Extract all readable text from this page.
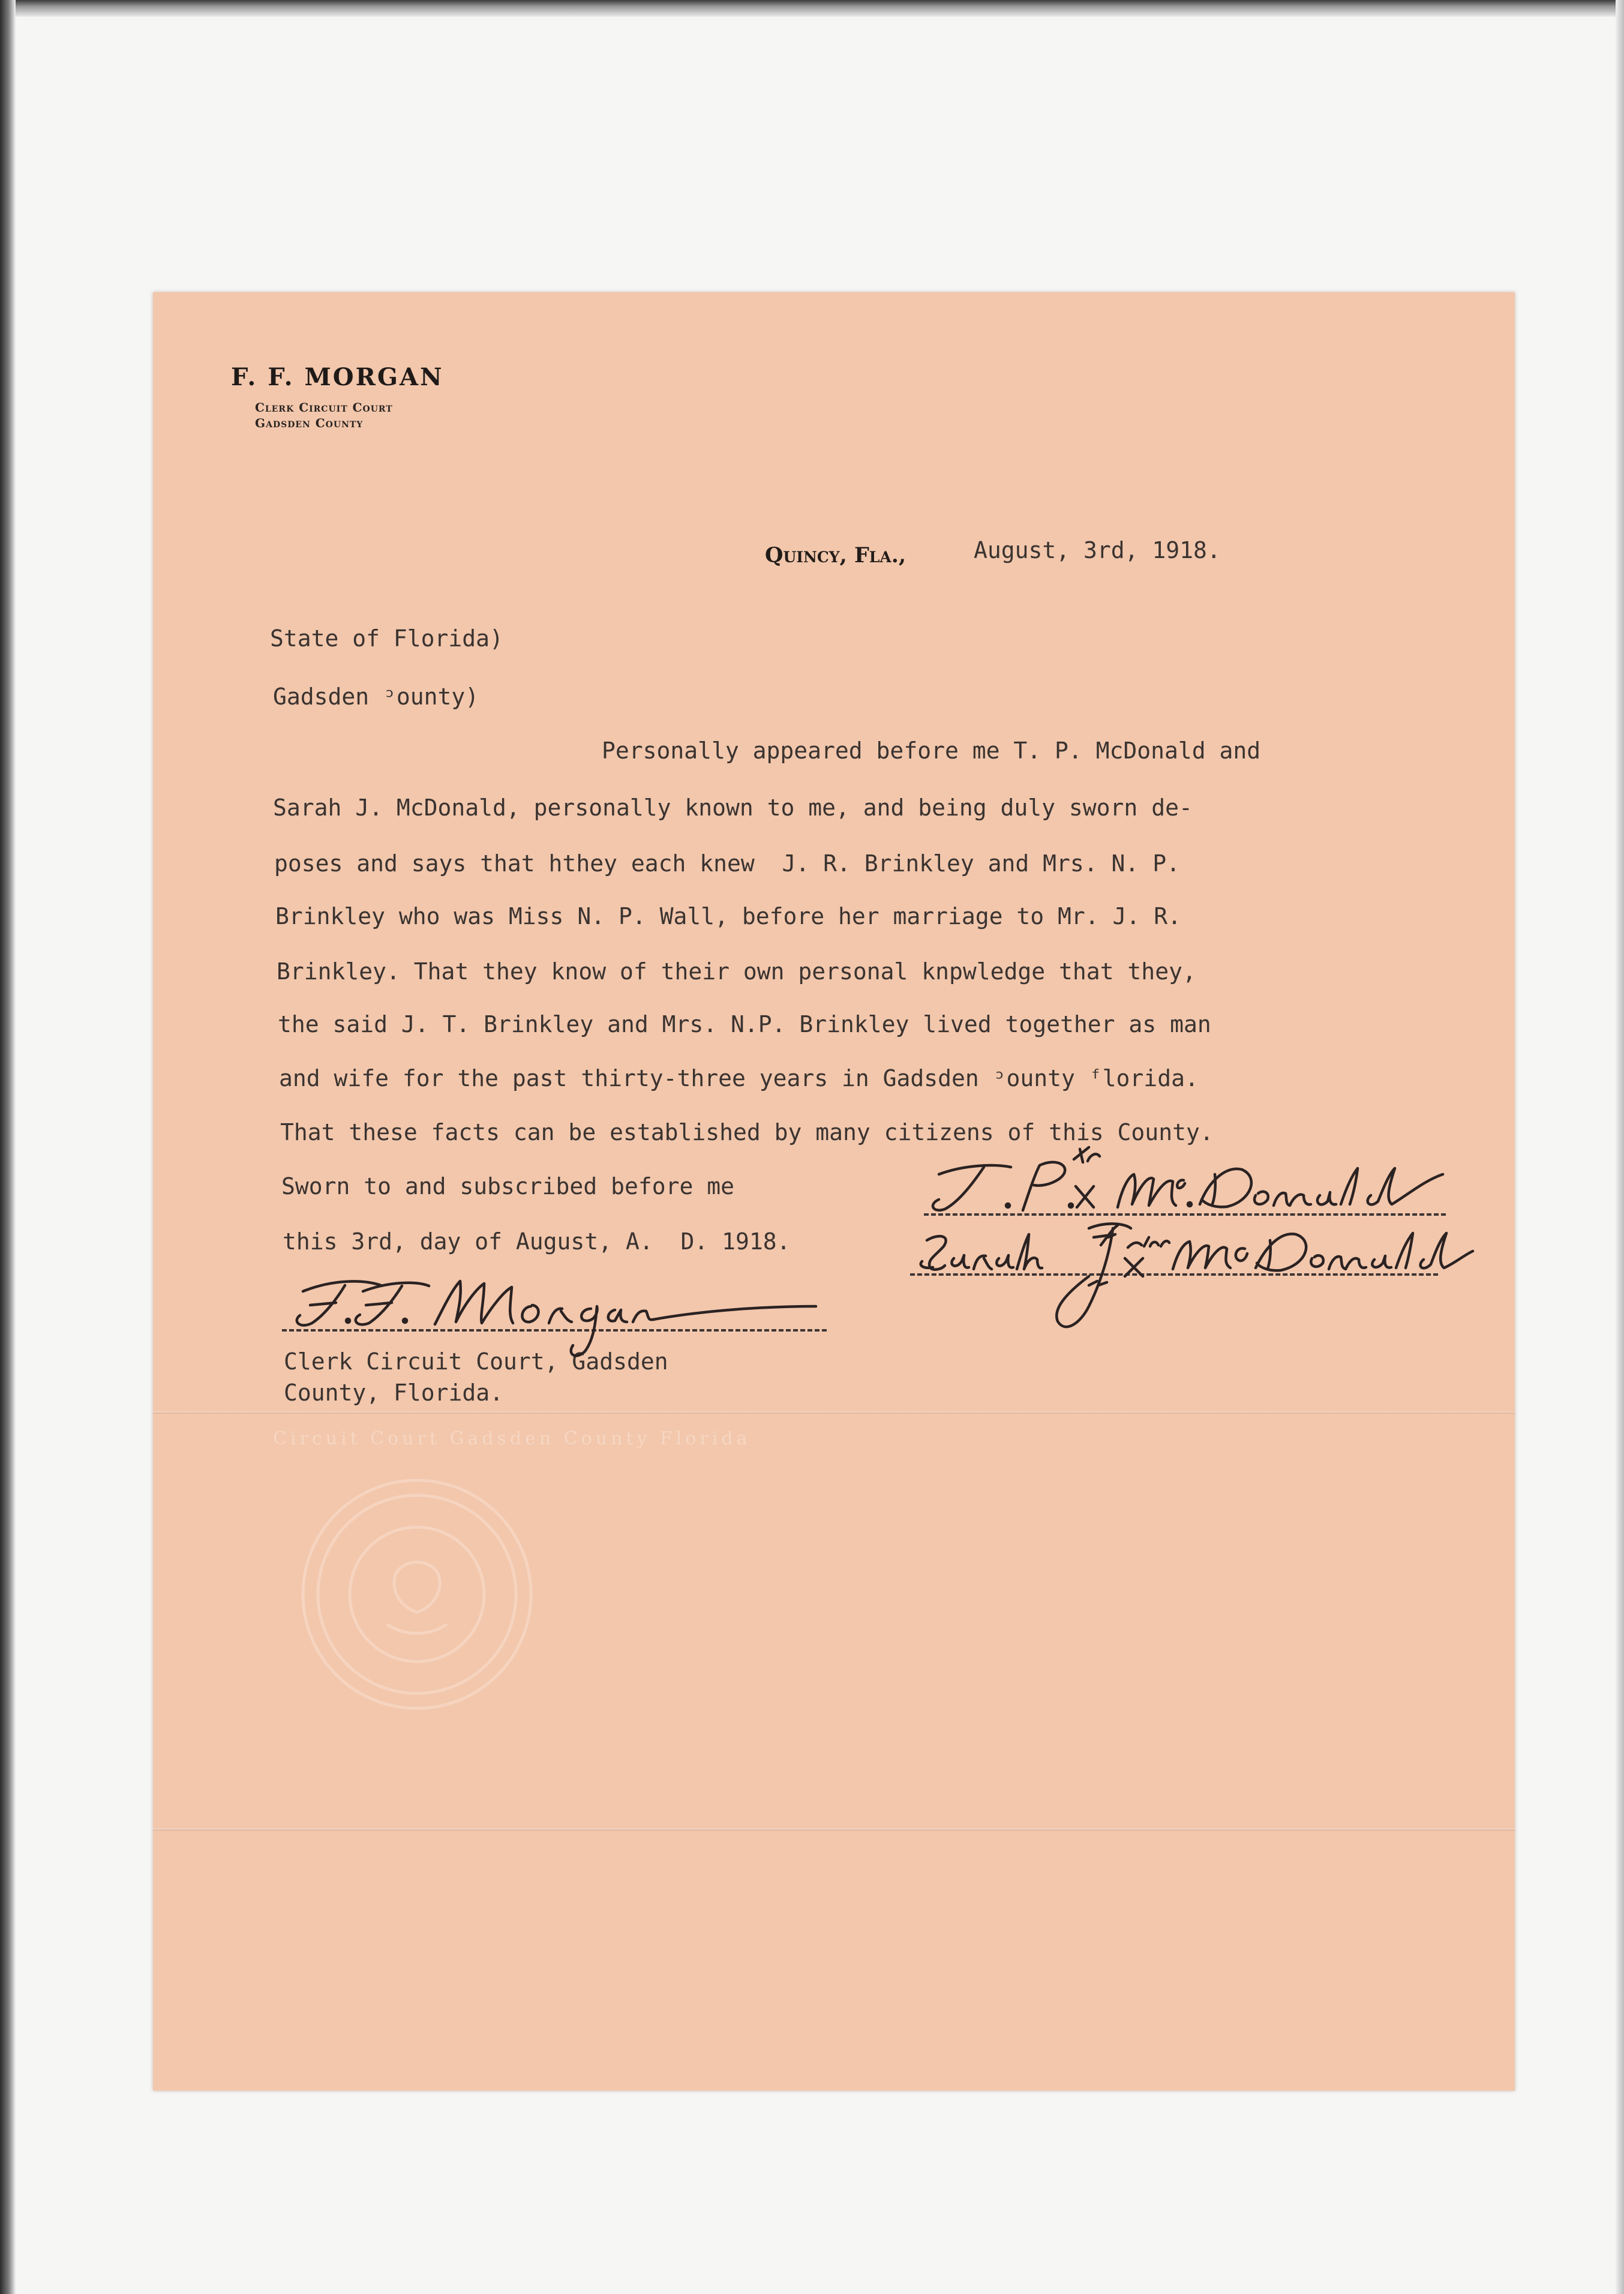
F. F. MORGAN
Clerk Circuit Court
Gadsden County
Quincy, Fla.,	August, 3rd, 1918.
State of Florida)
Gadsden ᵓounty)
Personally appeared before me T. P. McDonald and
Sarah J. McDonald, personally known to me, and being duly sworn de-
poses and says that hthey each knew  J. R. Brinkley and Mrs. N. P.
Brinkley who was Miss N. P. Wall, before her marriage to Mr. J. R.
Brinkley. That they know of their own personal knpwledge that they,
the said J. T. Brinkley and Mrs. N.P. Brinkley lived together as man
and wife for the past thirty-three years in Gadsden ᵓounty ᶠlorida.
That these facts can be established by many citizens of this County.
Sworn to and subscribed before me
this 3rd, day of August, A.  D. 1918.
Clerk Circuit Court, Gadsden
County, Florida.
Circuit Court Gadsden County Florida
